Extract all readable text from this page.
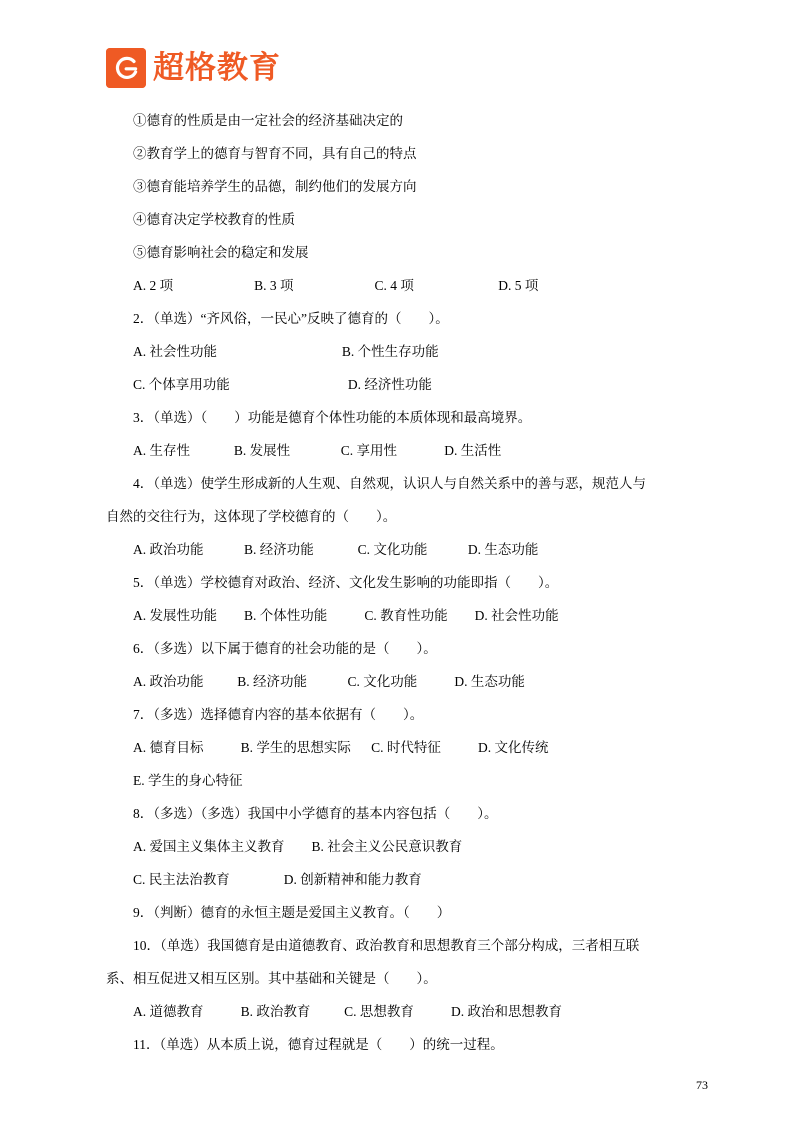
超格教育
①德育的性质是由一定社会的经济基础决定的
②教育学上的德育与智育不同，具有自己的特点
③德育能培养学生的品德，制约他们的发展方向
④德育决定学校教育的性质
⑤德育影响社会的稳定和发展
A. 2 项                        B. 3 项                        C. 4 项                         D. 5 项
2．（单选）“齐风俗，一民心”反映了德育的（　　）。
A. 社会性功能                                     B. 个性生存功能
C. 个体享用功能                                   D. 经济性功能
3．（单选）（　　）功能是德育个体性功能的本质体现和最高境界。
A. 生存性             B. 发展性               C. 享用性              D. 生活性
4．（单选）使学生形成新的人生观、自然观，认识人与自然关系中的善与恶，规范人与
自然的交往行为，这体现了学校德育的（　　）。
A. 政治功能            B. 经济功能             C. 文化功能            D. 生态功能
5．（单选）学校德育对政治、经济、文化发生影响的功能即指（　　）。
A. 发展性功能        B. 个体性功能           C. 教育性功能        D. 社会性功能
6．（多选）以下属于德育的社会功能的是（　　）。
A. 政治功能          B. 经济功能            C. 文化功能           D. 生态功能
7．（多选）选择德育内容的基本依据有（　　）。
A. 德育目标           B. 学生的思想实际      C. 时代特征           D. 文化传统
E. 学生的身心特征
8．（多选）（多选）我国中小学德育的基本内容包括（　　）。
A. 爱国主义集体主义教育        B. 社会主义公民意识教育
C. 民主法治教育                D. 创新精神和能力教育
9．（判断）德育的永恒主题是爱国主义教育。（　　）
10．（单选）我国德育是由道德教育、政治教育和思想教育三个部分构成，三者相互联
系、相互促进又相互区别。其中基础和关键是（　　）。
A. 道德教育           B. 政治教育          C. 思想教育           D. 政治和思想教育
11．（单选）从本质上说，德育过程就是（　　）的统一过程。
73
